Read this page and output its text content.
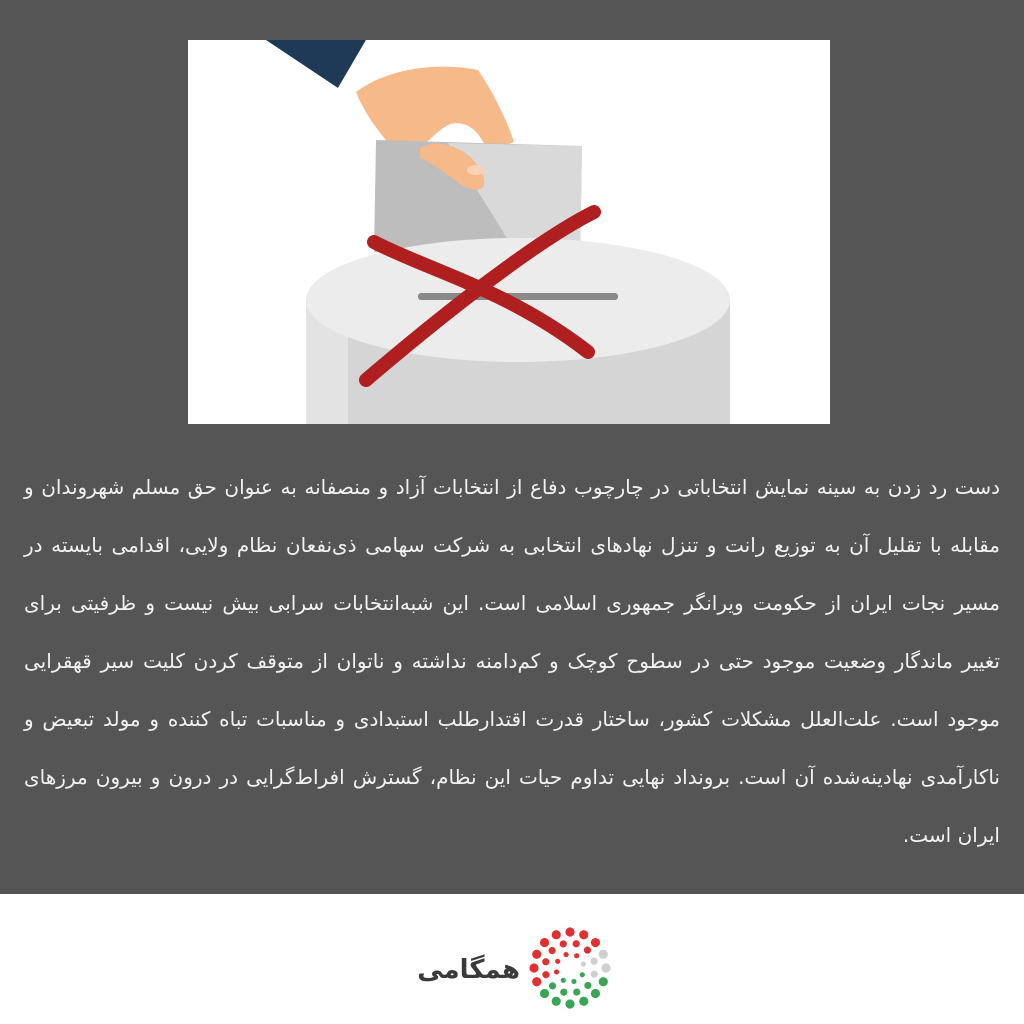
دست رد زدن به سینه نمایش انتخاباتی در چارچوب دفاع از انتخابات آزاد و منصفانه به عنوان حق مسلم شهروندان و مقابله با تقلیل آن به توزیع رانت و تنزل نهادهای انتخابی به شرکت سهامی ذی‌نفعان نظام ولایی، اقدامی بایسته در مسیر نجات ایران از حکومت ویرانگر جمهوری اسلامی است. این شبه‌انتخابات سرابی بیش نیست و ظرفیتی برای تغییر ماندگار وضعیت موجود حتی در سطوح کوچک و کم‌دامنه نداشته و ناتوان از متوقف کردن کلیت سیر قهقرایی موجود است. علت‌العلل مشکلات کشور، ساختار قدرت اقتدارطلب استبدادی و مناسبات تباه کننده و مولد تبعیض و ناکارآمدی نهادینه‌شده آن است. برونداد نهایی تداوم حیات این نظام، گسترش افراط‌گرایی در درون و بیرون مرزهای ایران است.

همگامی
